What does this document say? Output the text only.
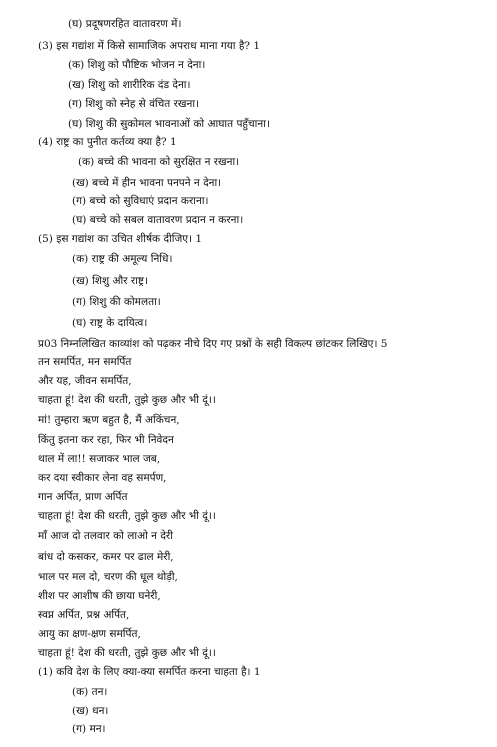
(घ) प्रदूषणरहित वातावरण में।
(3) इस गद्यांश में किसे सामाजिक अपराध माना गया है? 1
(क) शिशु को पौष्टिक भोजन न देना।
(ख) शिशु को शारीरिक दंड देना।
(ग) शिशु को स्नेह से वंचित रखना।
(घ) शिशु की सुकोमल भावनाओं को आघात पहुँचाना।
(4) राष्ट्र का पुनीत कर्तव्य क्या है? 1
(क) बच्चे की भावना को सुरक्षित न रखना।
(ख) बच्चे में हीन भावना पनपने न देना।
(ग) बच्चे को सुविधाएं प्रदान कराना।
(घ) बच्चे को सबल वातावरण प्रदान न करना।
(5) इस गद्यांश का उचित शीर्षक दीजिए। 1
(क) राष्ट्र की अमूल्य निधि।
(ख) शिशु और राष्ट्र।
(ग) शिशु की कोमलता।
(घ) राष्ट्र के दायित्व।
प्र03 निम्नलिखित काव्यांश को पढ़कर नीचे दिए गए प्रश्नों के सही विकल्प छांटकर लिखिए। 5
तन समर्पित, मन समर्पित
और यह, जीवन समर्पित,
चाहता हूं! देश की धरती, तुझे कुछ और भी दूं।।
मां! तुम्हारा ऋण बहुत है, मैं अकिंचन,
किंतु इतना कर रहा, फिर भी निवेदन
थाल में ला!! सजाकर भाल जब,
कर दया स्वीकार लेना वह समर्पण,
गान अर्पित, प्राण अर्पित
चाहता हूं! देश की धरती, तुझे कुछ और भी दूं।।
माँ आज दो तलवार को लाओ न देरी
बांध दो कसकर, कमर पर ढाल मेरी,
भाल पर मल दो, चरण की धूल थोड़ी,
शीश पर आशीष की छाया घनेरी,
स्वप्न अर्पित, प्रश्न अर्पित,
आयु का क्षण-क्षण समर्पित,
चाहता हूं! देश की धरती, तुझे कुछ और भी दूं।।
(1) कवि देश के लिए क्या-क्या समर्पित करना चाहता है। 1
(क) तन।
(ख) धन।
(ग) मन।
